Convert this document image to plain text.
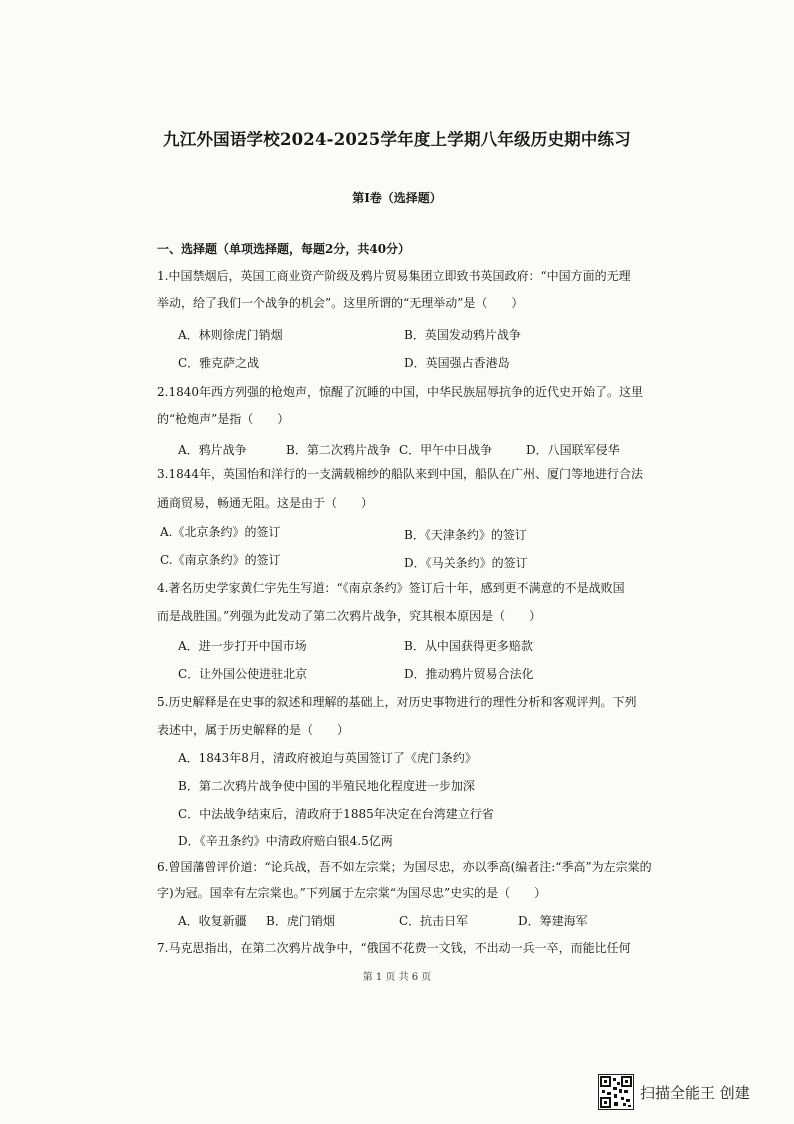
九江外国语学校2024-2025学年度上学期八年级历史期中练习
第Ⅰ卷（选择题）
一、选择题（单项选择题，每题2分，共40分）
1.中国禁烟后，英国工商业资产阶级及鸦片贸易集团立即致书英国政府：“中国方面的无理
举动，给了我们一个战争的机会”。这里所谓的“无理举动”是（　　）
A．林则徐虎门销烟	B．英国发动鸦片战争
C．雅克萨之战	D．英国强占香港岛
2.1840年西方列强的枪炮声，惊醒了沉睡的中国，中华民族屈辱抗争的近代史开始了。这里
的“枪炮声”是指（　　）
A．鸦片战争	B．第二次鸦片战争 C．甲午中日战争	D．八国联军侵华
3.1844年，英国怡和洋行的一支满载棉纱的船队来到中国，船队在广州、厦门等地进行合法
通商贸易，畅通无阻。这是由于（　　）
A.《北京条约》的签订	B．《天津条约》的签订
C.《南京条约》的签订	D．《马关条约》的签订
4.著名历史学家黄仁宇先生写道：“《南京条约》签订后十年，感到更不满意的不是战败国
而是战胜国。”列强为此发动了第二次鸦片战争，究其根本原因是（　　）
A．进一步打开中国市场	B．从中国获得更多赔款
C．让外国公使进驻北京	D．推动鸦片贸易合法化
5.历史解释是在史事的叙述和理解的基础上，对历史事物进行的理性分析和客观评判。下列
表述中，属于历史解释的是（　　）
A．1843年8月，清政府被迫与英国签订了《虎门条约》
B．第二次鸦片战争使中国的半殖民地化程度进一步加深
C．中法战争结束后，清政府于1885年决定在台湾建立行省
D．《辛丑条约》中清政府赔白银4.5亿两
6.曾国藩曾评价道：“论兵战，吾不如左宗棠；为国尽忠，亦以季高(编者注:“季高”为左宗棠的
字)为冠。国幸有左宗棠也。”下列属于左宗棠“为国尽忠”史实的是（　　）
A．收复新疆 B．虎门销烟	C．抗击日军	D．筹建海军
7.马克思指出，在第二次鸦片战争中，“俄国不花费一文钱，不出动一兵一卒，而能比任何
第 1 页 共 6 页
扫描全能王 创建
